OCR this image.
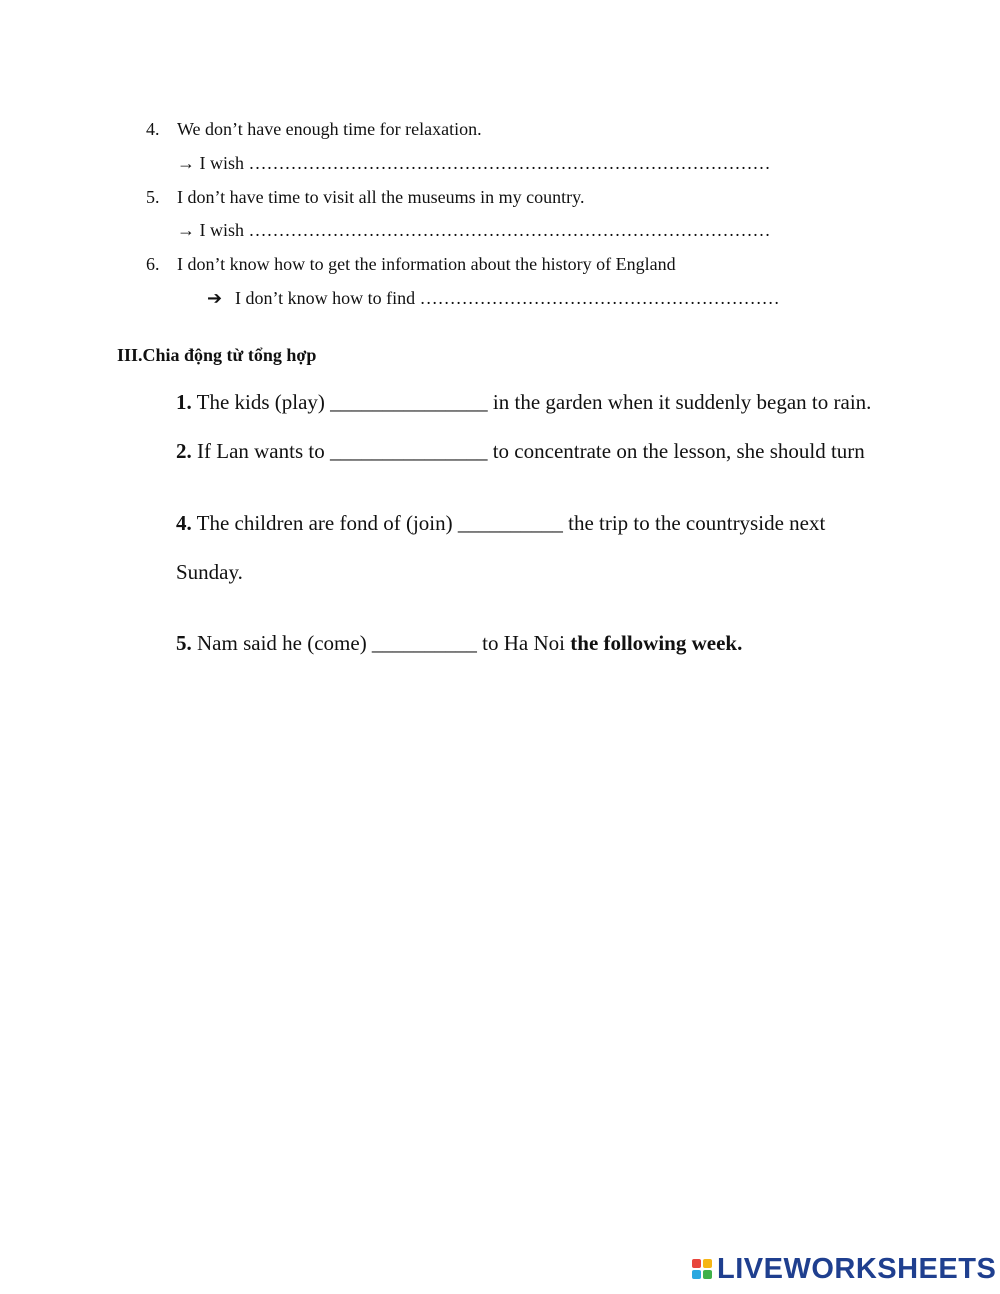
4. We don’t have enough time for relaxation.
→ I wish ……………………………………………………………………………
5. I don’t have time to visit all the museums in my country.
→ I wish ……………………………………………………………………………
6. I don’t know how to get the information about the history of England
➔ I don’t know how to find ……………………………………………………
III.Chia động từ tổng hợp
1. The kids (play) _______________ in the garden when it suddenly began to rain.
2. If Lan wants to _______________ to concentrate on the lesson, she should turn
4. The children are fond of (join) __________ the trip to the countryside next
Sunday.
5. Nam said he (come) __________ to Ha Noi the following week.
LIVEWORKSHEETS
